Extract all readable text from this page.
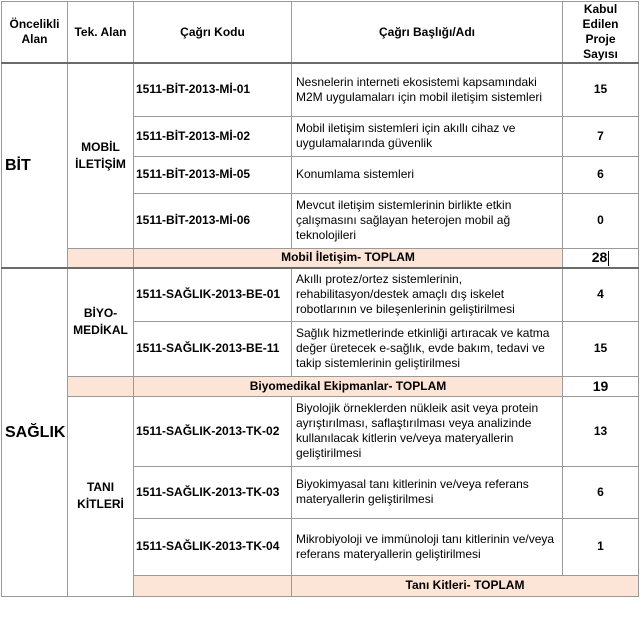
Öncelikli Alan	Tek. Alan	Çağrı Kodu	Çağrı Başlığı/Adı	Kabul Edilen Proje Sayısı	
BİT	MOBİL İLETİŞİM	1511-BİT-2013-Mİ-01	Nesnelerin interneti ekosistemi kapsamındaki M2M uygulamaları için mobil iletişim sistemleri	15	
		1511-BİT-2013-Mİ-02	Mobil iletişim sistemleri için akıllı cihaz ve uygulamalarında güvenlik	7	
		1511-BİT-2013-Mİ-05	Konumlama sistemleri	6	
		1511-BİT-2013-Mİ-06	Mevcut iletişim sistemlerinin birlikte etkin çalışmasını sağlayan heterojen mobil ağ teknolojileri	0	
		Mobil İletişim- TOPLAM		28	
SAĞLIK	BİYO-MEDİKAL	1511-SAĞLIK-2013-BE-01	Akıllı protez/ortez sistemlerinin, rehabilitasyon/destek amaçlı dış iskelet robotlarının ve bileşenlerinin geliştirilmesi	4	
		1511-SAĞLIK-2013-BE-11	Sağlık hizmetlerinde etkinliği artıracak ve katma değer üretecek e-sağlık, evde bakım, tedavi ve takip sistemlerinin geliştirilmesi	15	
		Biyomedikal Ekipmanlar- TOPLAM		19	
	TANI KİTLERİ	1511-SAĞLIK-2013-TK-02	Biyolojik örneklerden nükleik asit veya protein ayrıştırılması, saflaştırılması veya analizinde kullanılacak kitlerin ve/veya materyallerin geliştirilmesi	13	
		1511-SAĞLIK-2013-TK-03	Biyokimyasal tanı kitlerinin ve/veya referans materyallerin geliştirilmesi	6	
		1511-SAĞLIK-2013-TK-04	Mikrobiyoloji ve immünoloji tanı kitlerinin ve/veya referans materyallerin geliştirilmesi	1	
			Tanı Kitleri- TOPLAM	
